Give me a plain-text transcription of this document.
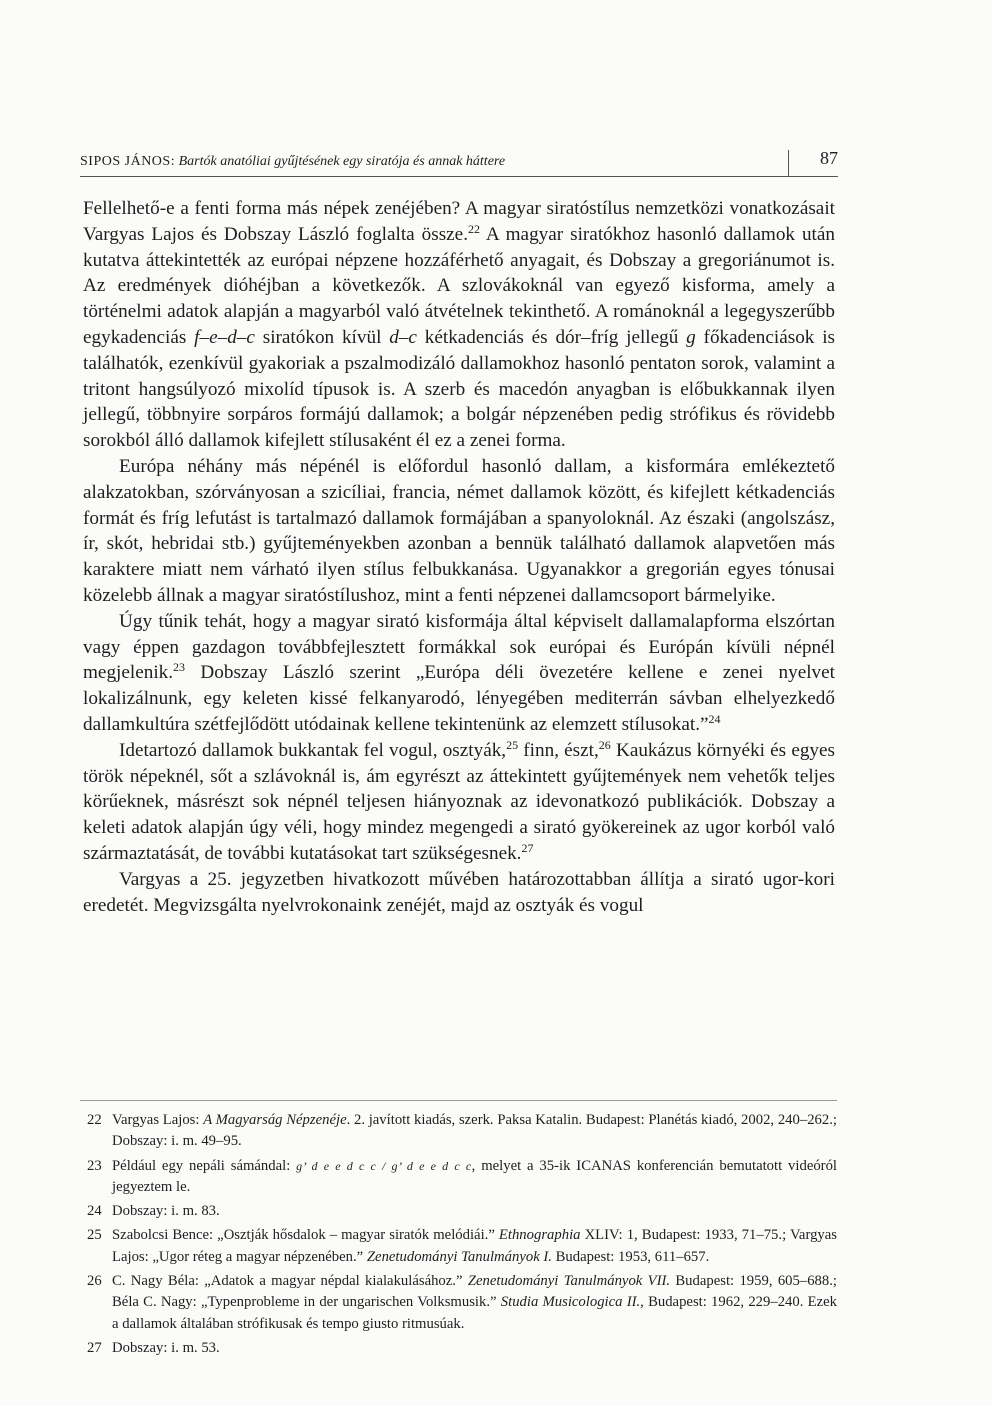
SIPOS JÁNOS: Bartók anatóliai gyűjtésének egy siratója és annak háttere	87

Fellelhető-e a fenti forma más népek zenéjében? A magyar siratóstílus nemzetközi vonatkozásait Vargyas Lajos és Dobszay László foglalta össze.$^{22}$ A magyar siratókhoz hasonló dallamok után kutatva áttekintették az európai népzene hozzáférhető anyagait, és Dobszay a gregoriánumot is. Az eredmények dióhéjban a következők. A szlovákoknál van egyező kisforma, amely a történelmi adatok alapján a magyarból való átvételnek tekinthető. A románoknál a legegyszerűbb egykadenciás f–e–d–c siratókon kívül d–c kétkadenciás és dór–fríg jellegű g főkadenciások is találhatók, ezenkívül gyakoriak a pszalmodizáló dallamokhoz hasonló pentaton sorok, valamint a tritont hangsúlyozó mixolíd típusok is. A szerb és macedón anyagban is előbukkannak ilyen jellegű, többnyire sorpáros formájú dallamok; a bolgár népzenében pedig strófikus és rövidebb sorokból álló dallamok kifejlett stílusaként él ez a zenei forma.

Európa néhány más népénél is előfordul hasonló dallam, a kisformára emlékeztető alakzatokban, szórványosan a szicíliai, francia, német dallamok között, és kifejlett kétkadenciás formát és fríg lefutást is tartalmazó dallamok formájában a spanyoloknál. Az északi (angolszász, ír, skót, hebridai stb.) gyűjteményekben azonban a bennük található dallamok alapvetően más karaktere miatt nem várható ilyen stílus felbukkanása. Ugyanakkor a gregorián egyes tónusai közelebb állnak a magyar siratóstílushoz, mint a fenti népzenei dallamcsoport bármelyike.

Úgy tűnik tehát, hogy a magyar sirató kisformája által képviselt dallamalapforma elszórtan vagy éppen gazdagon továbbfejlesztett formákkal sok európai és Európán kívüli népnél megjelenik.$^{23}$ Dobszay László szerint „Európa déli övezetére kellene e zenei nyelvet lokalizálnunk, egy keleten kissé felkanyarodó, lényegében mediterrán sávban elhelyezkedő dallamkultúra szétfejlődött utódainak kellene tekintenünk az elemzett stílusokat.”$^{24}$

Idetartozó dallamok bukkantak fel vogul, osztyák,$^{25}$ finn, észt,$^{26}$ Kaukázus környéki és egyes török népeknél, sőt a szlávoknál is, ám egyrészt az áttekintett gyűjtemények nem vehetők teljes körűeknek, másrészt sok népnél teljesen hiányoznak az idevonatkozó publikációk. Dobszay a keleti adatok alapján úgy véli, hogy mindez megengedi a sirató gyökereinek az ugor korból való származtatását, de további kutatásokat tart szükségesnek.$^{27}$

Vargyas a 25. jegyzetben hivatkozott művében határozottabban állítja a sirató ugor-kori eredetét. Megvizsgálta nyelvrokonaink zenéjét, majd az osztyák és vogul

22 Vargyas Lajos: A Magyarság Népzenéje. 2. javított kiadás, szerk. Paksa Katalin. Budapest: Planétás kiadó, 2002, 240–262.; Dobszay: i. m. 49–95.
23 Például egy nepáli sámándal: g’ d e e d c c / g’ d e e d c c, melyet a 35-ik ICANAS konferencián bemutatott videóról jegyeztem le.
24 Dobszay: i. m. 83.
25 Szabolcsi Bence: „Osztják hősdalok – magyar siratók melódiái.” Ethnographia XLIV: 1, Budapest: 1933, 71–75.; Vargyas Lajos: „Ugor réteg a magyar népzenében.” Zenetudományi Tanulmányok I. Budapest: 1953, 611–657.
26 C. Nagy Béla: „Adatok a magyar népdal kialakulásához.” Zenetudományi Tanulmányok VII. Budapest: 1959, 605–688.; Béla C. Nagy: „Typenprobleme in der ungarischen Volksmusik.” Studia Musicologica II., Budapest: 1962, 229–240. Ezek a dallamok általában strófikusak és tempo giusto ritmusúak.
27 Dobszay: i. m. 53.
